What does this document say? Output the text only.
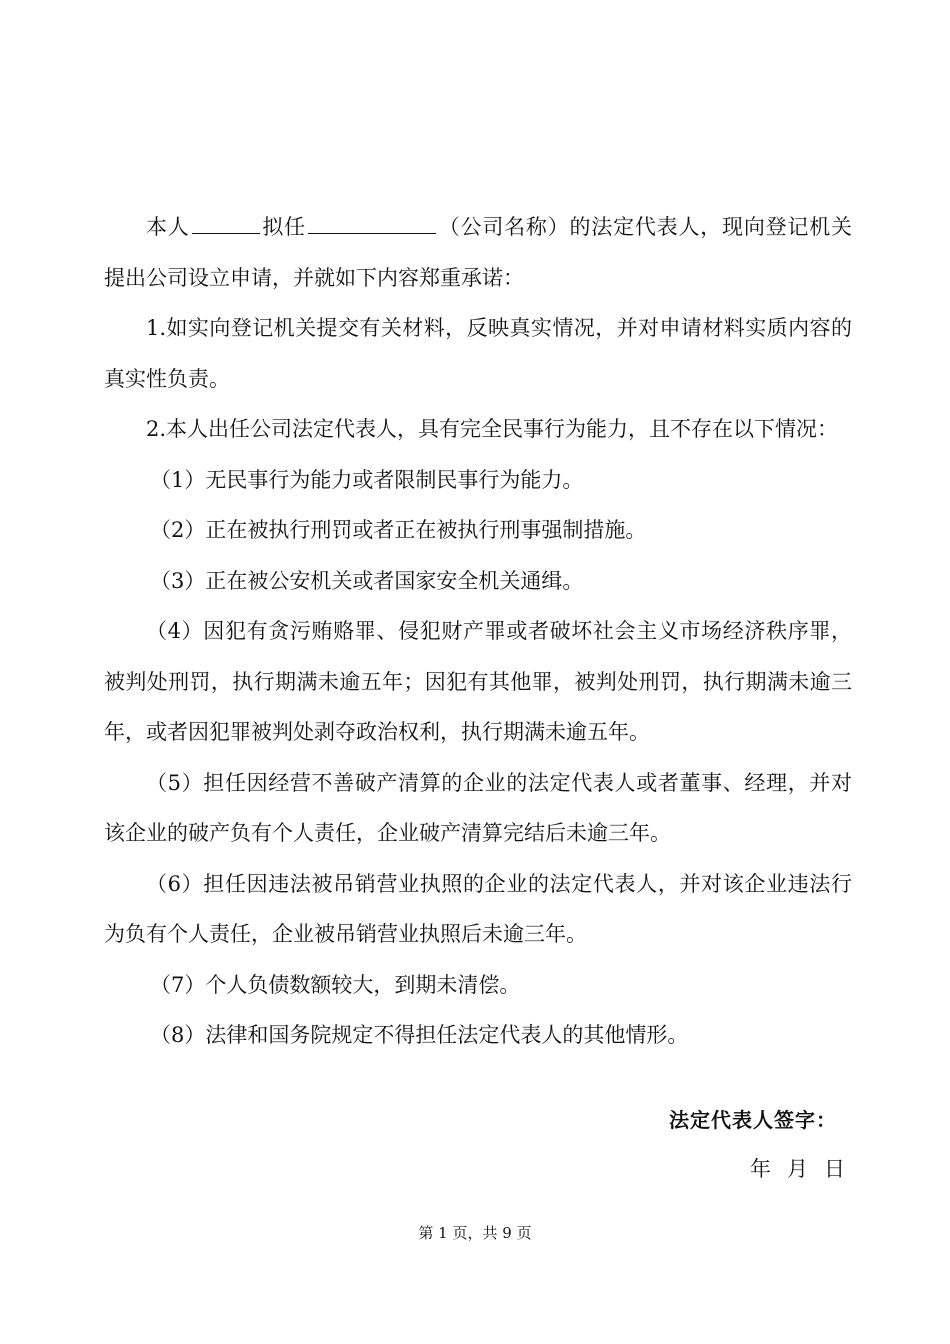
本人	拟任	（公司名称）的法定代表人，现向登记机关提出公司设立申请，并就如下内容郑重承诺：

1.如实向登记机关提交有关材料，反映真实情况，并对申请材料实质内容的真实性负责。

2.本人出任公司法定代表人，具有完全民事行为能力，且不存在以下情况：

（1）无民事行为能力或者限制民事行为能力。

（2）正在被执行刑罚或者正在被执行刑事强制措施。

（3）正在被公安机关或者国家安全机关通缉。

（4）因犯有贪污贿赂罪、侵犯财产罪或者破坏社会主义市场经济秩序罪，被判处刑罚，执行期满未逾五年；因犯有其他罪，被判处刑罚，执行期满未逾三年，或者因犯罪被判处剥夺政治权利，执行期满未逾五年。

（5）担任因经营不善破产清算的企业的法定代表人或者董事、经理，并对该企业的破产负有个人责任，企业破产清算完结后未逾三年。

（6）担任因违法被吊销营业执照的企业的法定代表人，并对该企业违法行为负有个人责任，企业被吊销营业执照后未逾三年。

（7）个人负债数额较大，到期未清偿。

（8）法律和国务院规定不得担任法定代表人的其他情形。

法定代表人签字：
年 月 日
第 1 页，共 9 页
